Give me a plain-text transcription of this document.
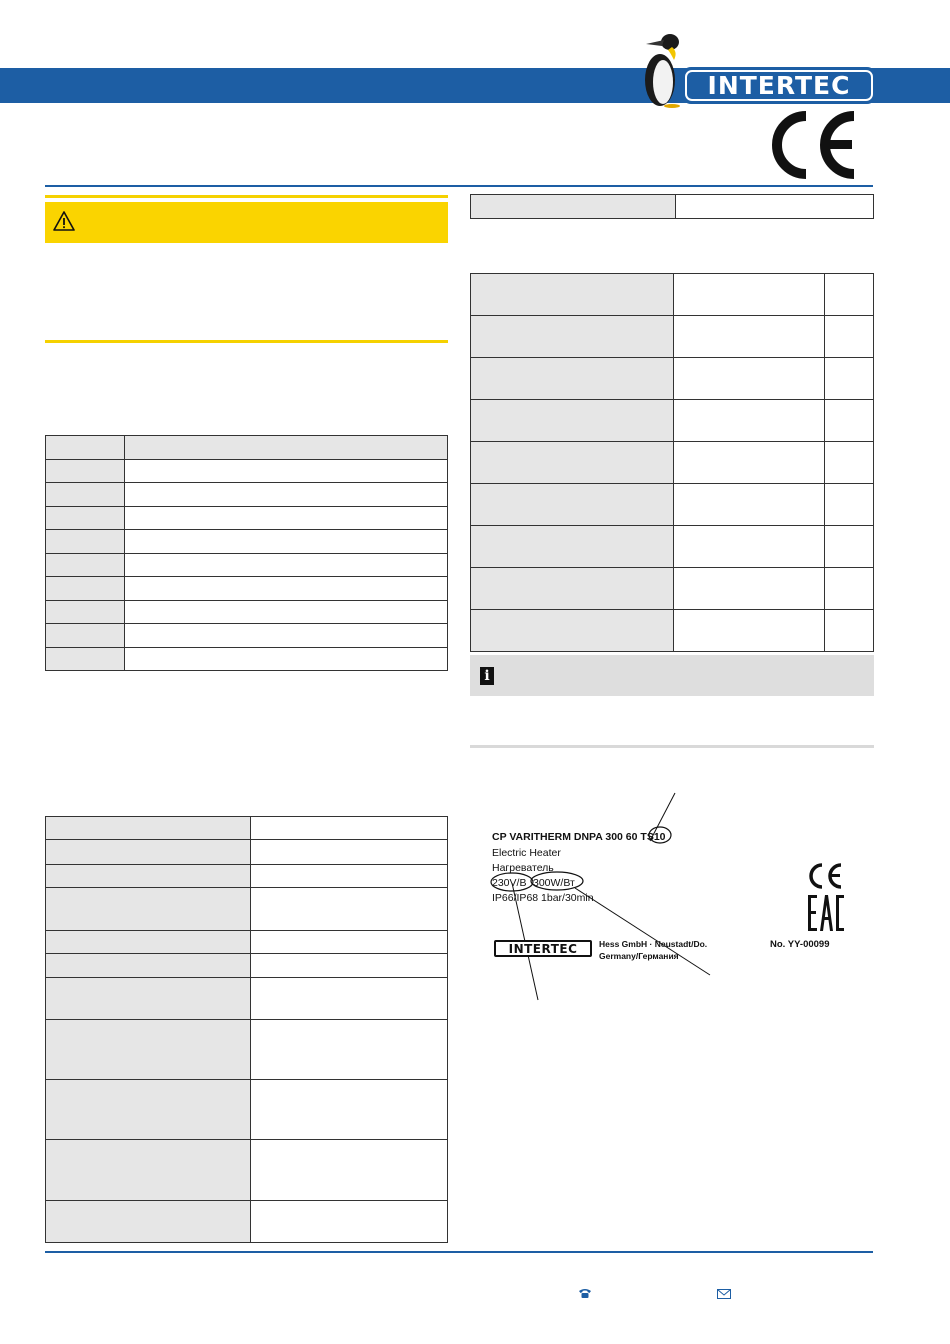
INTERTEC

i
CP VARITHERM DNPA 300 60 TS10
Electric Heater
Нагреватель
230V/B 300W/Вт
IP66/IP68 1bar/30min
INTERTEC	Hess GmbH · Neustadt/Do.
Germany/Германия
No. YY-00099
